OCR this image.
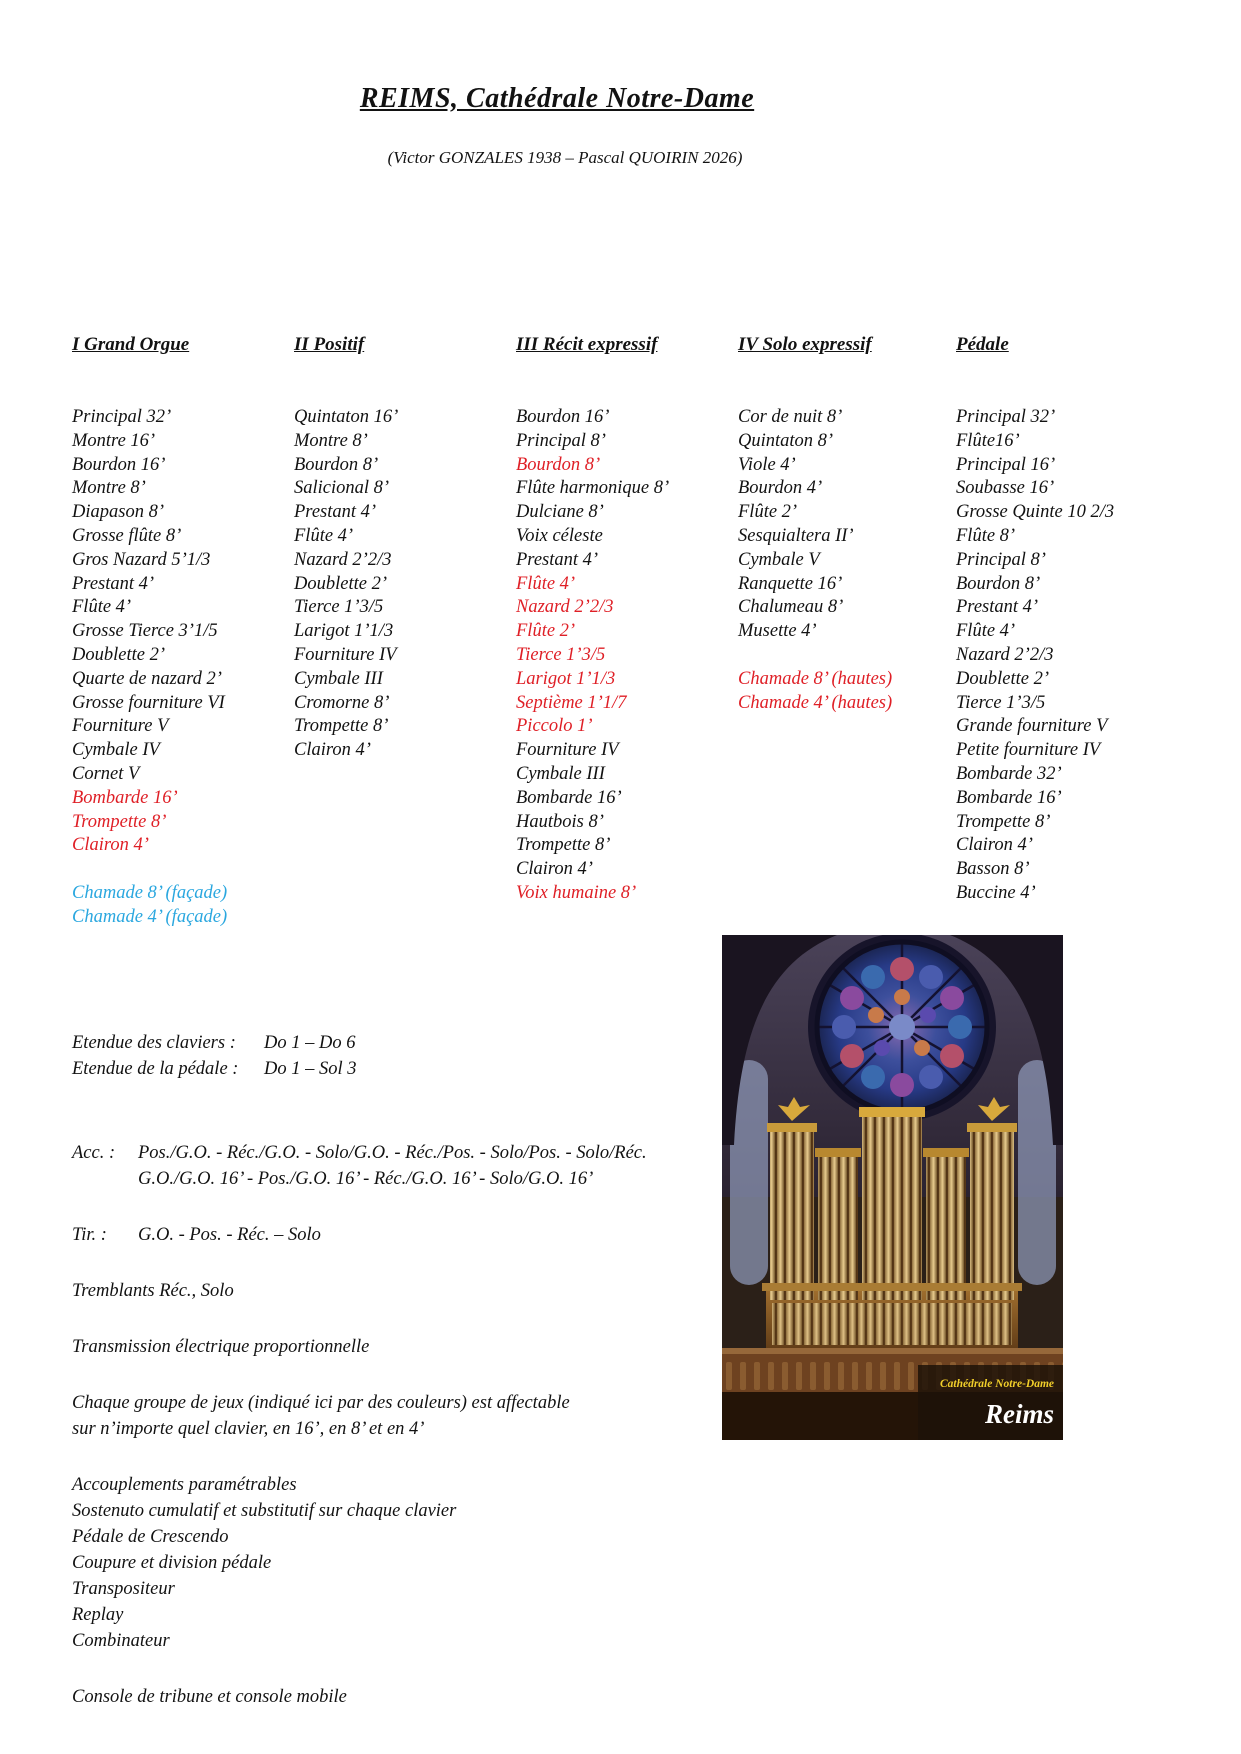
REIMS, Cathédrale Notre-Dame
(Victor GONZALES 1938 – Pascal QUOIRIN 2026)
I Grand Orgue
Principal 32’
Montre 16’
Bourdon 16’
Montre 8’
Diapason 8’
Grosse flûte 8’
Gros Nazard 5’1/3
Prestant 4’
Flûte 4’
Grosse Tierce 3’1/5
Doublette 2’
Quarte de nazard 2’
Grosse fourniture VI
Fourniture V
Cymbale IV
Cornet V
Bombarde 16’
Trompette 8’
Clairon 4’

Chamade 8’ (façade)
Chamade 4’ (façade)
II Positif
Quintaton 16’
Montre 8’
Bourdon 8’
Salicional 8’
Prestant 4’
Flûte 4’
Nazard 2’2/3
Doublette 2’
Tierce 1’3/5
Larigot 1’1/3
Fourniture IV
Cymbale III
Cromorne 8’
Trompette 8’
Clairon 4’
III Récit expressif
Bourdon 16’
Principal 8’
Bourdon 8’
Flûte harmonique 8’
Dulciane 8’
Voix céleste
Prestant 4’
Flûte 4’
Nazard 2’2/3
Flûte 2’
Tierce 1’3/5
Larigot 1’1/3
Septième 1’1/7
Piccolo 1’
Fourniture IV
Cymbale III
Bombarde 16’
Hautbois 8’
Trompette 8’
Clairon 4’
Voix humaine 8’
IV Solo expressif
Cor de nuit 8’
Quintaton 8’
Viole 4’
Bourdon 4’
Flûte 2’
Sesquialtera II’
Cymbale V
Ranquette 16’
Chalumeau 8’
Musette 4’

Chamade 8’ (hautes)
Chamade 4’ (hautes)
Pédale
Principal 32’
Flûte16’
Principal 16’
Soubasse 16’
Grosse Quinte 10 2/3
Flûte 8’
Principal 8’
Bourdon 8’
Prestant 4’
Flûte 4’
Nazard 2’2/3
Doublette 2’
Tierce 1’3/5
Grande fourniture V
Petite fourniture IV
Bombarde 32’
Bombarde 16’
Trompette 8’
Clairon 4’
Basson 8’
Buccine 4’
Etendue des claviers : Do 1 – Do 6
Etendue de la pédale : Do 1 – Sol 3
Acc. :	Pos./G.O. - Réc./G.O. - Solo/G.O. - Réc./Pos. - Solo/Pos. - Solo/Réc.
G.O./G.O. 16’ - Pos./G.O. 16’ - Réc./G.O. 16’ - Solo/G.O. 16’
Tir. :	G.O. - Pos. - Réc. – Solo
Tremblants Réc., Solo
Transmission électrique proportionnelle
Chaque groupe de jeux (indiqué ici par des couleurs) est affectable
sur n’importe quel clavier, en 16’, en 8’ et en 4’
Accouplements paramétrables
Sostenuto cumulatif et substitutif sur chaque clavier
Pédale de Crescendo
Coupure et division pédale
Transpositeur
Replay
Combinateur
Console de tribune et console mobile
Cathédrale Notre-Dame
Reims
